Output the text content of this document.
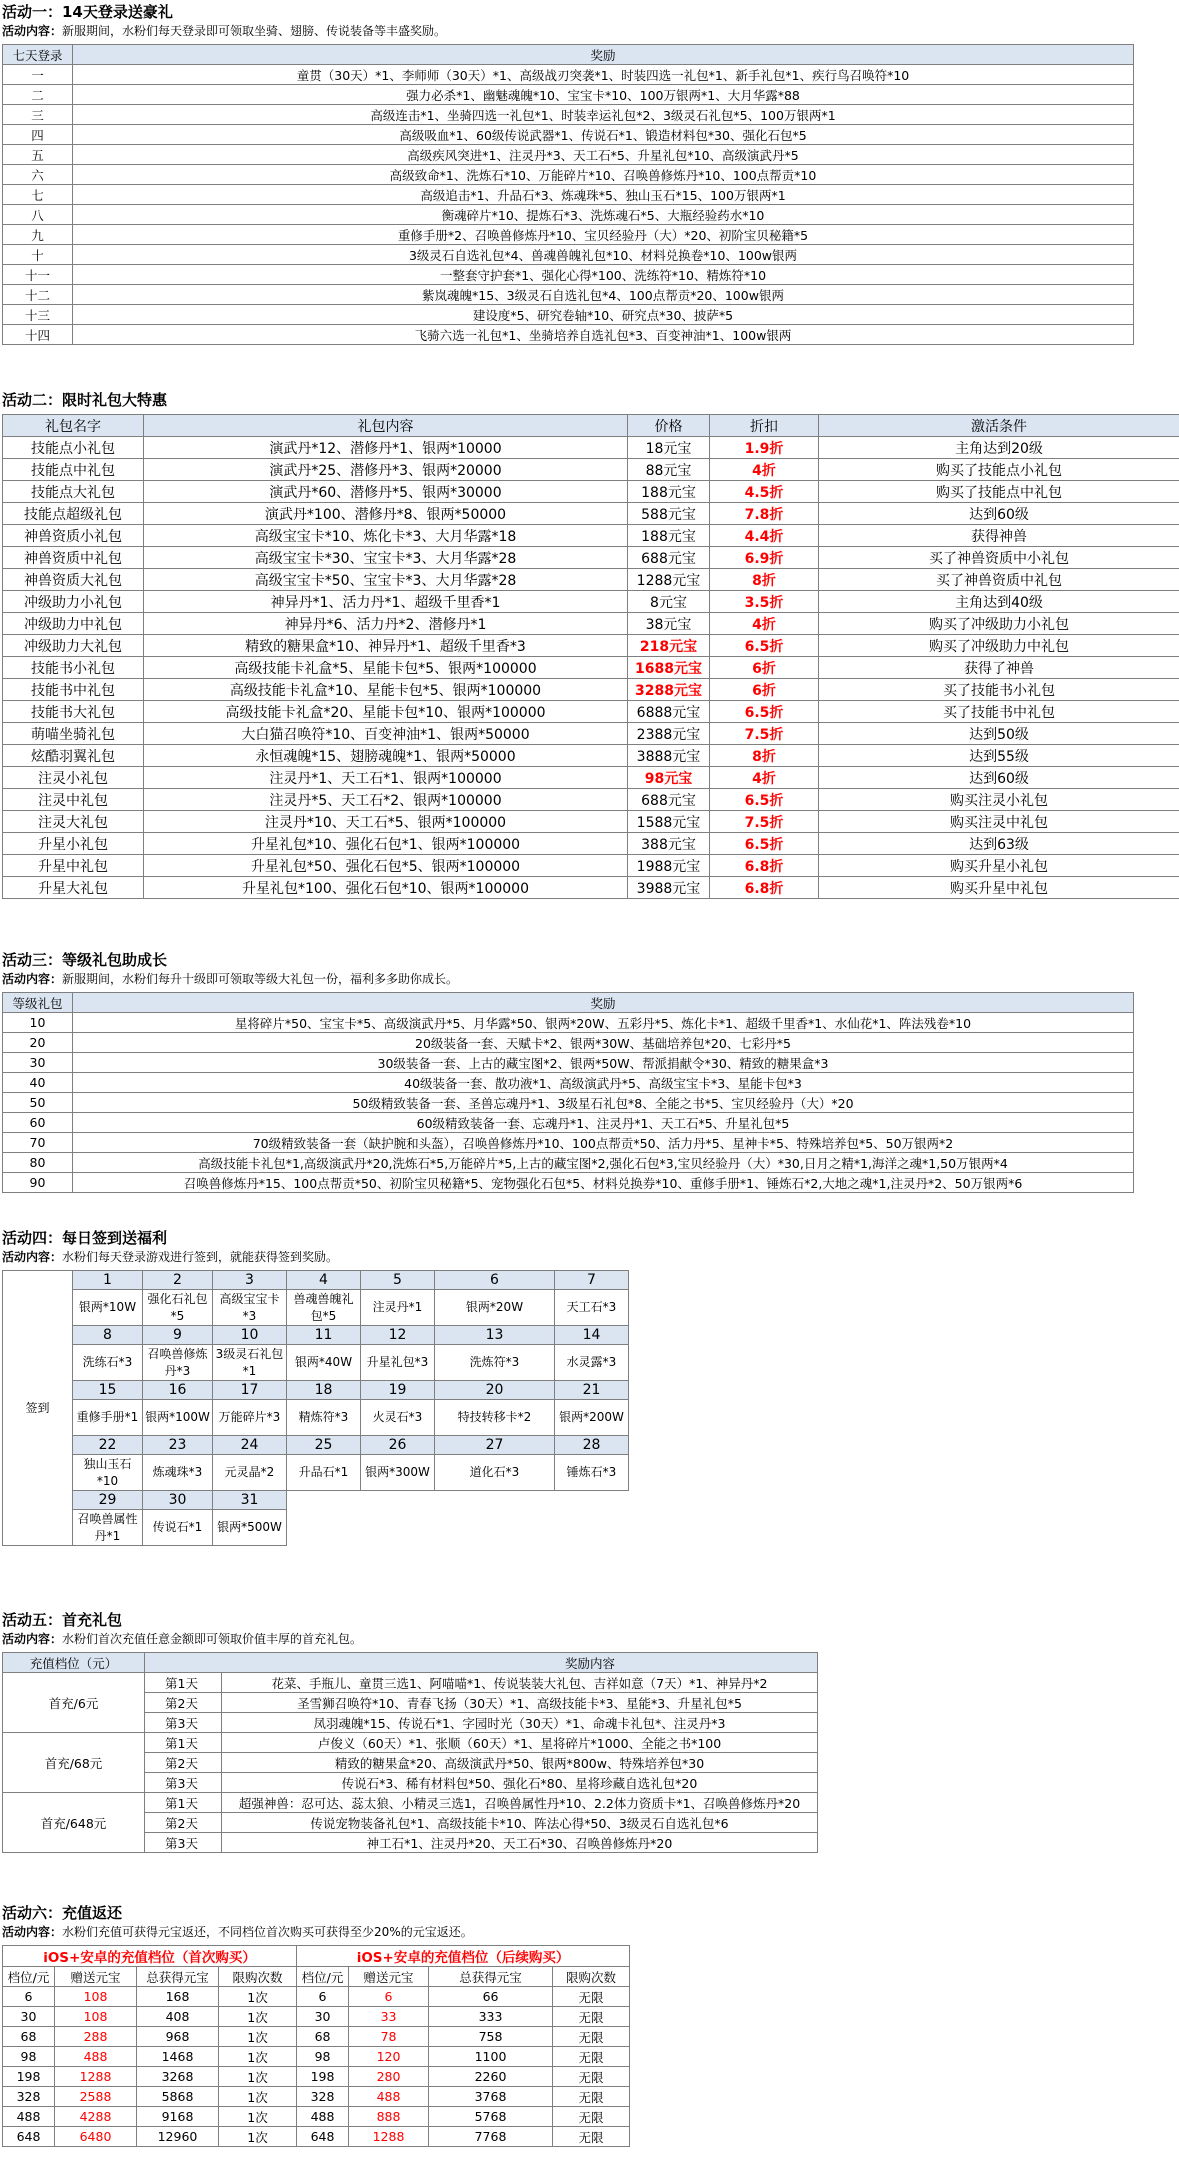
活动一：14天登录送豪礼
活动内容：新服期间，水粉们每天登录即可领取坐骑、翅膀、传说装备等丰盛奖励。
七天登录	奖励
一	童贯（30天）*1、李师师（30天）*1、高级战刃突袭*1、时装四选一礼包*1、新手礼包*1、疾行鸟召唤符*10
二	强力必杀*1、幽魅魂魄*10、宝宝卡*10、100万银两*1、大月华露*88
三	高级连击*1、坐骑四选一礼包*1、时装幸运礼包*2、3级灵石礼包*5、100万银两*1
四	高级吸血*1、60级传说武器*1、传说石*1、锻造材料包*30、强化石包*5
五	高级疾风突进*1、注灵丹*3、天工石*5、升星礼包*10、高级演武丹*5
六	高级致命*1、洗炼石*10、万能碎片*10、召唤兽修炼丹*10、100点帮贡*10
七	高级追击*1、升品石*3、炼魂珠*5、独山玉石*15、100万银两*1
八	衡魂碎片*10、提炼石*3、洗炼魂石*5、大瓶经验药水*10
九	重修手册*2、召唤兽修炼丹*10、宝贝经验丹（大）*20、初阶宝贝秘籍*5
十	3级灵石自选礼包*4、兽魂兽魄礼包*10、材料兑换卷*10、100w银两
十一	一整套守护套*1、强化心得*100、洗练符*10、精炼符*10
十二	紫岚魂魄*15、3级灵石自选礼包*4、100点帮贡*20、100w银两
十三	建设度*5、研究卷轴*10、研究点*30、披萨*5
十四	飞骑六选一礼包*1、坐骑培养自选礼包*3、百变神油*1、100w银两
活动二：限时礼包大特惠
礼包名字	礼包内容	价格	折扣	激活条件
技能点小礼包	演武丹*12、潜修丹*1、银两*10000	18元宝	1.9折	主角达到20级
技能点中礼包	演武丹*25、潜修丹*3、银两*20000	88元宝	4折	购买了技能点小礼包
技能点大礼包	演武丹*60、潜修丹*5、银两*30000	188元宝	4.5折	购买了技能点中礼包
技能点超级礼包	演武丹*100、潜修丹*8、银两*50000	588元宝	7.8折	达到60级
神兽资质小礼包	高级宝宝卡*10、炼化卡*3、大月华露*18	188元宝	4.4折	获得神兽
神兽资质中礼包	高级宝宝卡*30、宝宝卡*3、大月华露*28	688元宝	6.9折	买了神兽资质中小礼包
神兽资质大礼包	高级宝宝卡*50、宝宝卡*3、大月华露*28	1288元宝	8折	买了神兽资质中礼包
冲级助力小礼包	神异丹*1、活力丹*1、超级千里香*1	8元宝	3.5折	主角达到40级
冲级助力中礼包	神异丹*6、活力丹*2、潜修丹*1	38元宝	4折	购买了冲级助力小礼包
冲级助力大礼包	精致的糖果盒*10、神异丹*1、超级千里香*3	218元宝	6.5折	购买了冲级助力中礼包
技能书小礼包	高级技能卡礼盒*5、星能卡包*5、银两*100000	1688元宝	6折	获得了神兽
技能书中礼包	高级技能卡礼盒*10、星能卡包*5、银两*100000	3288元宝	6折	买了技能书小礼包
技能书大礼包	高级技能卡礼盒*20、星能卡包*10、银两*100000	6888元宝	6.5折	买了技能书中礼包
萌喵坐骑礼包	大白猫召唤符*10、百变神油*1、银两*50000	2388元宝	7.5折	达到50级
炫酷羽翼礼包	永恒魂魄*15、翅膀魂魄*1、银两*50000	3888元宝	8折	达到55级
注灵小礼包	注灵丹*1、天工石*1、银两*100000	98元宝	4折	达到60级
注灵中礼包	注灵丹*5、天工石*2、银两*100000	688元宝	6.5折	购买注灵小礼包
注灵大礼包	注灵丹*10、天工石*5、银两*100000	1588元宝	7.5折	购买注灵中礼包
升星小礼包	升星礼包*10、强化石包*1、银两*100000	388元宝	6.5折	达到63级
升星中礼包	升星礼包*50、强化石包*5、银两*100000	1988元宝	6.8折	购买升星小礼包
升星大礼包	升星礼包*100、强化石包*10、银两*100000	3988元宝	6.8折	购买升星中礼包
活动三：等级礼包助成长
活动内容：新服期间，水粉们每升十级即可领取等级大礼包一份，福利多多助你成长。
等级礼包	奖励
10	星将碎片*50、宝宝卡*5、高级演武丹*5、月华露*50、银两*20W、五彩丹*5、炼化卡*1、超级千里香*1、水仙花*1、阵法残卷*10
20	20级装备一套、天赋卡*2、银两*30W、基础培养包*20、七彩丹*5
30	30级装备一套、上古的藏宝图*2、银两*50W、帮派捐献令*30、精致的糖果盒*3
40	40级装备一套、散功液*1、高级演武丹*5、高级宝宝卡*3、星能卡包*3
50	50级精致装备一套、圣兽忘魂丹*1、3级星石礼包*8、全能之书*5、宝贝经验丹（大）*20
60	60级精致装备一套、忘魂丹*1、注灵丹*1、天工石*5、升星礼包*5
70	70级精致装备一套（缺护腕和头盔），召唤兽修炼丹*10、100点帮贡*50、活力丹*5、星神卡*5、特殊培养包*5、50万银两*2
80	高级技能卡礼包*1,高级演武丹*20,洗炼石*5,万能碎片*5,上古的藏宝图*2,强化石包*3,宝贝经验丹（大）*30,日月之精*1,海洋之魂*1,50万银两*4
90	召唤兽修炼丹*15、100点帮贡*50、初阶宝贝秘籍*5、宠物强化石包*5、材料兑换券*10、重修手册*1、锤炼石*2,大地之魂*1,注灵丹*2、50万银两*6
活动四：每日签到送福利
活动内容：水粉们每天登录游戏进行签到，就能获得签到奖励。
签到	1	2	3	4	5	6	7
	银两*10W	强化石礼包*5	高级宝宝卡*3	兽魂兽魄礼包*5	注灵丹*1	银两*20W	天工石*3
	8	9	10	11	12	13	14
	洗练石*3	召唤兽修炼丹*3	3级灵石礼包*1	银两*40W	升星礼包*3	洗炼符*3	水灵露*3
	15	16	17	18	19	20	21
	重修手册*1	银两*100W	万能碎片*3	精炼符*3	火灵石*3	特技转移卡*2	银两*200W
	22	23	24	25	26	27	28
	独山玉石*10	炼魂珠*3	元灵晶*2	升品石*1	银两*300W	道化石*3	锤炼石*3
	29	30	31				
	召唤兽属性丹*1	传说石*1	银两*500W				
活动五：首充礼包
活动内容：水粉们首次充值任意金额即可领取价值丰厚的首充礼包。
充值档位（元）	奖励内容	
首充/6元	第1天	花菜、手瓶儿、童贯三选1、阿喵喵*1、传说装装大礼包、吉祥如意（7天）*1、神异丹*2
	第2天	圣雪狮召唤符*10、青春飞扬（30天）*1、高级技能卡*3、星能*3、升星礼包*5
	第3天	凤羽魂魄*15、传说石*1、字园时光（30天）*1、命魂卡礼包*、注灵丹*3
首充/68元	第1天	卢俊义（60天）*1、张顺（60天）*1、星将碎片*1000、全能之书*100
	第2天	精致的糖果盒*20、高级演武丹*50、银两*800w、特殊培养包*30
	第3天	传说石*3、稀有材料包*50、强化石*80、星将珍藏自选礼包*20
首充/648元	第1天	超强神兽：忍可达、蕊太狼、小精灵三选1，召唤兽属性丹*10、2.2体力资质卡*1、召唤兽修炼丹*20
	第2天	传说宠物装备礼包*1、高级技能卡*10、阵法心得*50、3级灵石自选礼包*6
	第3天	神工石*1、注灵丹*20、天工石*30、召唤兽修炼丹*20
活动六：充值返还
活动内容：水粉们充值可获得元宝返还，不同档位首次购买可获得至少20%的元宝返还。
iOS+安卓的充值档位（首次购买）				iOS+安卓的充值档位（后续购买）			
档位/元	赠送元宝	总获得元宝	限购次数	档位/元	赠送元宝	总获得元宝	限购次数
6	108	168	1次	6	6	66	无限
30	108	408	1次	30	33	333	无限
68	288	968	1次	68	78	758	无限
98	488	1468	1次	98	120	1100	无限
198	1288	3268	1次	198	280	2260	无限
328	2588	5868	1次	328	488	3768	无限
488	4288	9168	1次	488	888	5768	无限
648	6480	12960	1次	648	1288	7768	无限
